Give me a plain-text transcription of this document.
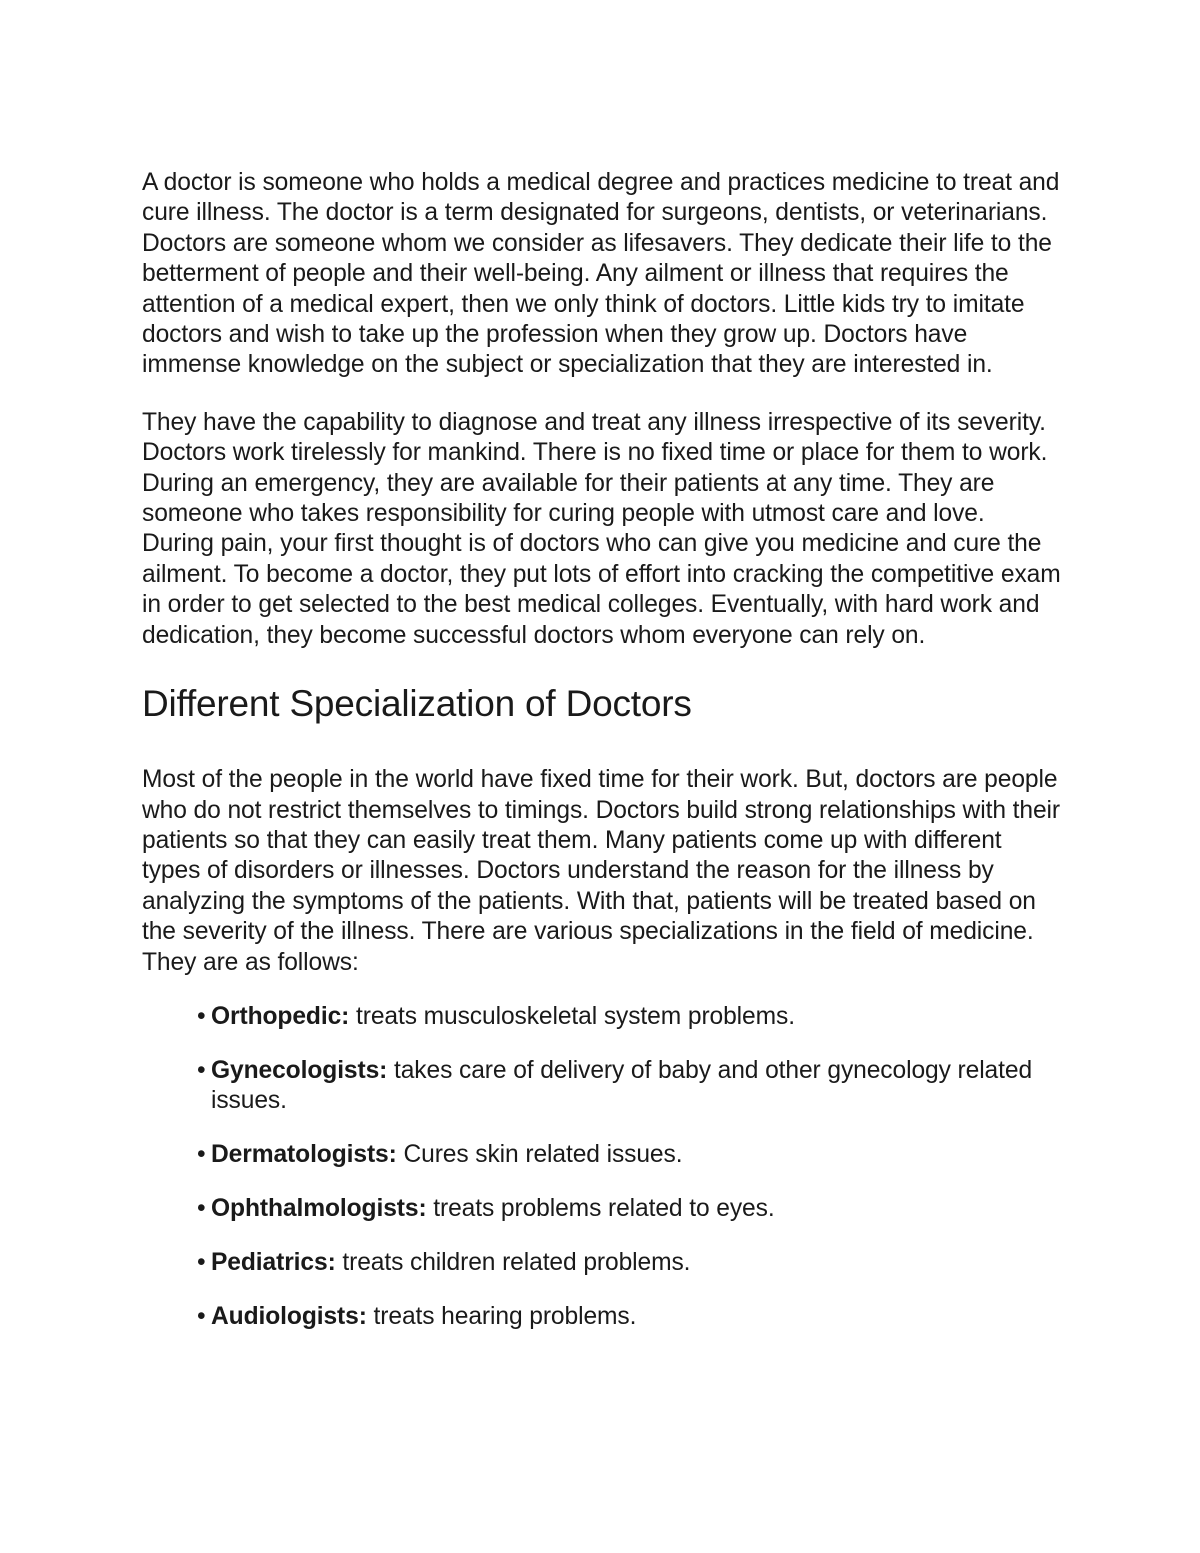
A doctor is someone who holds a medical degree and practices medicine to treat and cure illness. The doctor is a term designated for surgeons, dentists, or veterinarians. Doctors are someone whom we consider as lifesavers. They dedicate their life to the betterment of people and their well-being. Any ailment or illness that requires the attention of a medical expert, then we only think of doctors. Little kids try to imitate doctors and wish to take up the profession when they grow up. Doctors have immense knowledge on the subject or specialization that they are interested in.

They have the capability to diagnose and treat any illness irrespective of its severity. Doctors work tirelessly for mankind. There is no fixed time or place for them to work. During an emergency, they are available for their patients at any time. They are someone who takes responsibility for curing people with utmost care and love. During pain, your first thought is of doctors who can give you medicine and cure the ailment. To become a doctor, they put lots of effort into cracking the competitive exam in order to get selected to the best medical colleges. Eventually, with hard work and dedication, they become successful doctors whom everyone can rely on.

Different Specialization of Doctors

Most of the people in the world have fixed time for their work. But, doctors are people who do not restrict themselves to timings. Doctors build strong relationships with their patients so that they can easily treat them. Many patients come up with different types of disorders or illnesses. Doctors understand the reason for the illness by analyzing the symptoms of the patients. With that, patients will be treated based on the severity of the illness. There are various specializations in the field of medicine. They are as follows:

• Orthopedic: treats musculoskeletal system problems.
• Gynecologists: takes care of delivery of baby and other gynecology related issues.
• Dermatologists: Cures skin related issues.
• Ophthalmologists: treats problems related to eyes.
• Pediatrics: treats children related problems.
• Audiologists: treats hearing problems.
